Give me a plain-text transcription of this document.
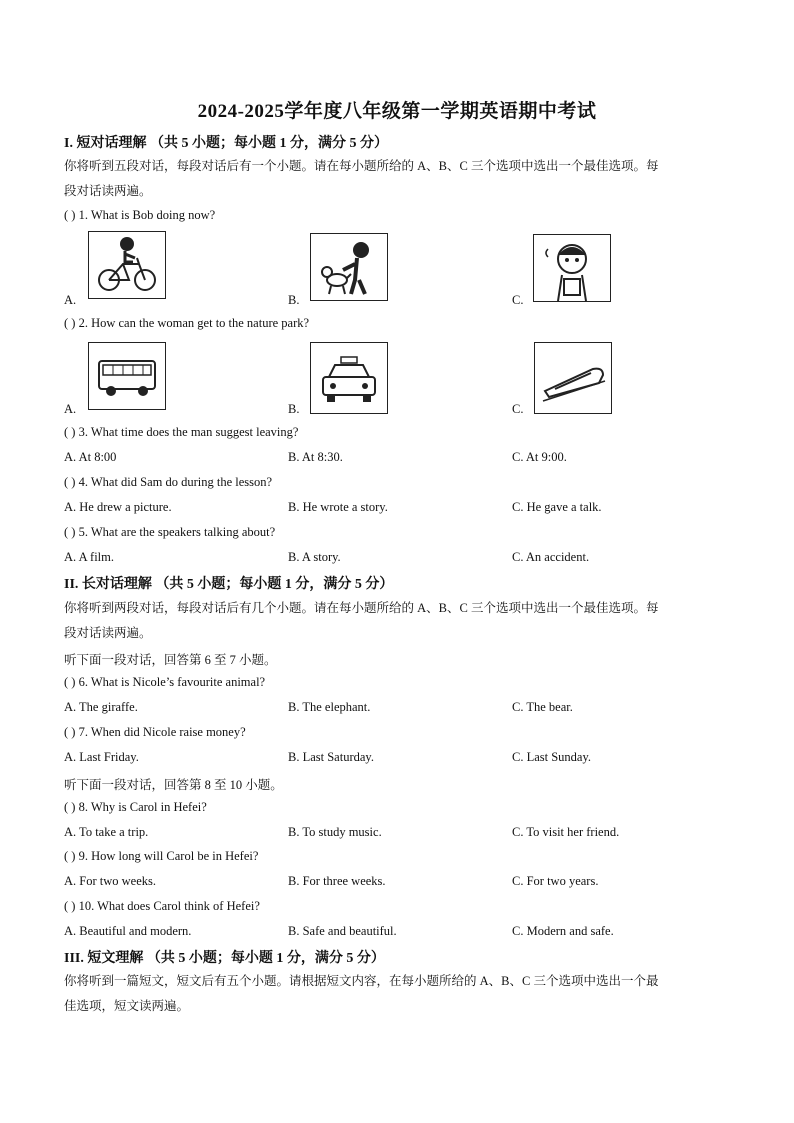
2024-2025学年度八年级第一学期英语期中考试
I. 短对话理解 （共 5 小题；每小题 1 分，满分 5 分）
你将听到五段对话，每段对话后有一个小题。请在每小题所给的 A、B、C 三个选项中选出一个最佳选项。每
段对话读两遍。
( ) 1. What is Bob doing now?
A.	B.	C.
( ) 2. How can the woman get to the nature park?
A.	B.	C.
( ) 3. What time does the man suggest leaving?
A. At 8:00	B. At 8:30.	C. At 9:00.
( ) 4. What did Sam do during the lesson?
A. He drew a picture.	B. He wrote a story.	C. He gave a talk.
( ) 5. What are the speakers talking about?
A. A film.	B. A story.	C. An accident.
II. 长对话理解 （共 5 小题；每小题 1 分，满分 5 分）
你将听到两段对话，每段对话后有几个小题。请在每小题所给的 A、B、C 三个选项中选出一个最佳选项。每
段对话读两遍。
听下面一段对话，回答第 6 至 7 小题。
( ) 6. What is Nicole’s favourite animal?
A. The giraffe.	B. The elephant.	C. The bear.
( ) 7. When did Nicole raise money?
A. Last Friday.	B. Last Saturday.	C. Last Sunday.
听下面一段对话，回答第 8 至 10 小题。
( ) 8. Why is Carol in Hefei?
A. To take a trip.	B. To study music.	C. To visit her friend.
( ) 9. How long will Carol be in Hefei?
A. For two weeks.	B. For three weeks.	C. For two years.
( ) 10. What does Carol think of Hefei?
A. Beautiful and modern.	B. Safe and beautiful.	C. Modern and safe.
III. 短文理解 （共 5 小题；每小题 1 分，满分 5 分）
你将听到一篇短文，短文后有五个小题。请根据短文内容，在每小题所给的 A、B、C 三个选项中选出一个最
佳选项，短文读两遍。
